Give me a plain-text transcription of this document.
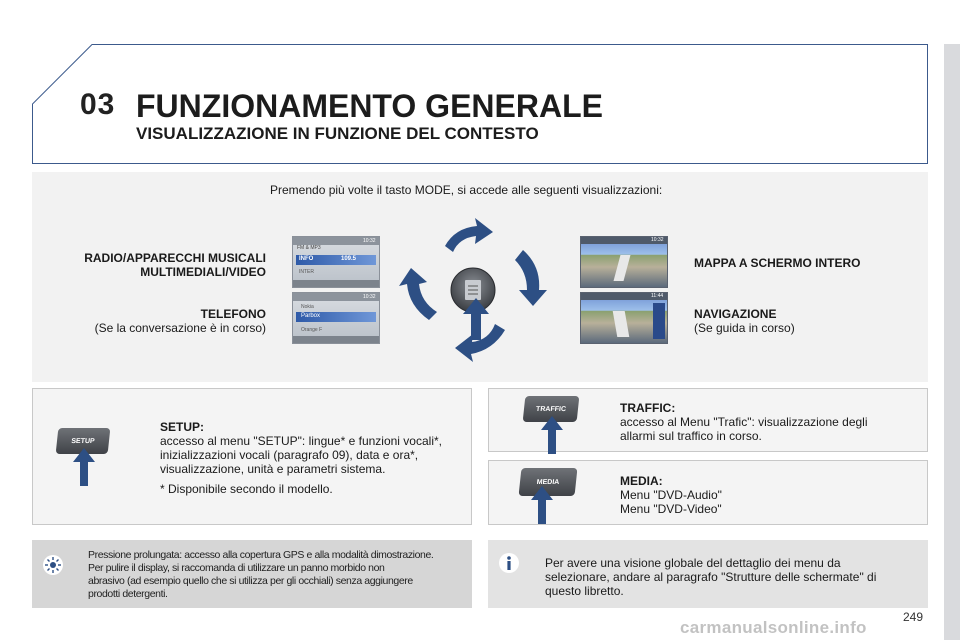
03 FUNZIONAMENTO GENERALE
VISUALIZZAZIONE IN FUNZIONE DEL CONTESTO
Premendo più volte il tasto MODE, si accede alle seguenti visualizzazioni:
RADIO/APPARECCHI MUSICALI
MULTIMEDIALI/VIDEO
TELEFONO
(Se la conversazione è in corso)
FM & MP3
10:32
INFO	109.5
INTER
10:32
Nokia
Parbox
Orange F
10:32
11:44
MAPPA A SCHERMO INTERO
NAVIGAZIONE
(Se guida in corso)
SETUP
SETUP:
accesso al menu "SETUP": lingue* e funzioni vocali*,
inizializzazioni vocali (paragrafo 09), data e ora*,
visualizzazione, unità e parametri sistema.
* Disponibile secondo il modello.
TRAFFIC	TRAFFIC:
accesso al Menu "Trafic": visualizzazione degli
allarmi sul traffico in corso.
MEDIA	MEDIA:
Menu "DVD-Audio"
Menu "DVD-Video"
Pressione prolungata: accesso alla copertura GPS e alla modalità dimostrazione.
Per pulire il display, si raccomanda di utilizzare un panno morbido non
abrasivo (ad esempio quello che si utilizza per gli occhiali) senza aggiungere
prodotti detergenti.
Per avere una visione globale del dettaglio dei menu da
selezionare, andare al paragrafo "Strutture delle schermate" di
questo libretto.
249
carmanualsonline.info
